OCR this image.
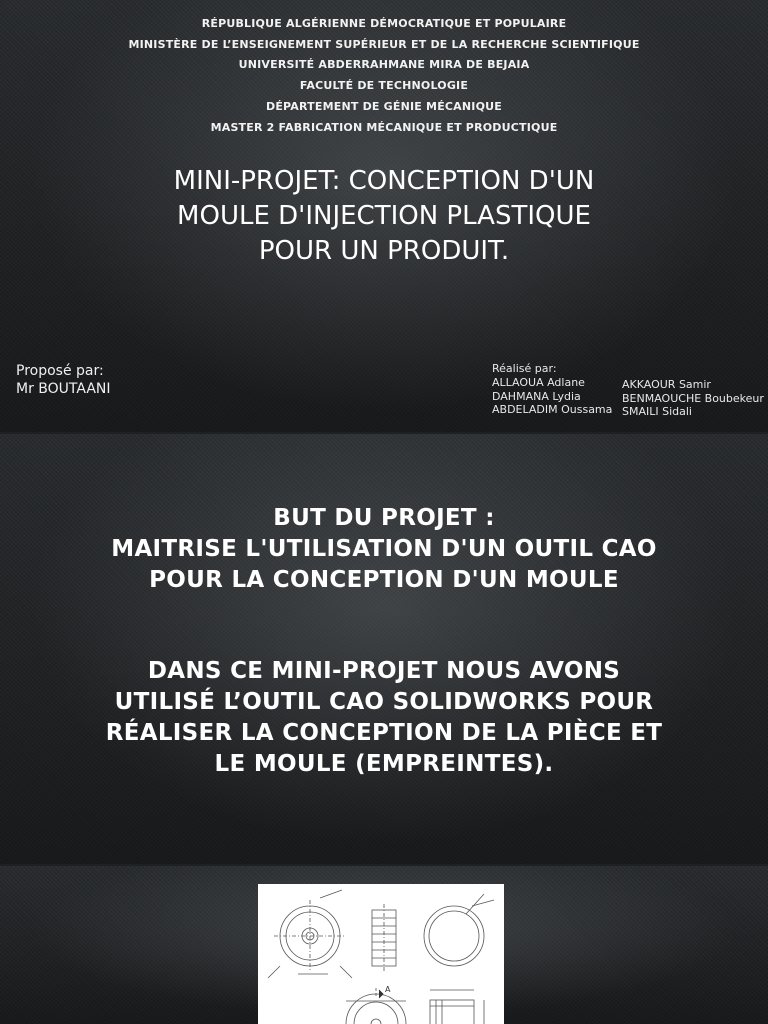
RÉPUBLIQUE ALGÉRIENNE DÉMOCRATIQUE ET POPULAIRE
MINISTÈRE DE L’ENSEIGNEMENT SUPÉRIEUR ET DE LA RECHERCHE SCIENTIFIQUE
UNIVERSITÉ ABDERRAHMANE MIRA DE BEJAIA
FACULTÉ DE TECHNOLOGIE
DÉPARTEMENT DE GÉNIE MÉCANIQUE
MASTER 2 FABRICATION MÉCANIQUE ET PRODUCTIQUE
MINI-PROJET: CONCEPTION D'UN
MOULE D'INJECTION PLASTIQUE
POUR UN PRODUIT.
Proposé par:
Mr BOUTAANI
Réalisé par:
ALLAOUA Adlane
DAHMANA Lydia
ABDELADIM Oussama
AKKAOUR Samir
BENMAOUCHE Boubekeur
SMAILI Sidali
BUT DU PROJET :
MAITRISE L'UTILISATION D'UN OUTIL CAO
POUR LA CONCEPTION D'UN MOULE
DANS CE MINI-PROJET NOUS AVONS
UTILISÉ L’OUTIL CAO SOLIDWORKS POUR
RÉALISER LA CONCEPTION DE LA PIÈCE ET
LE MOULE (EMPREINTES).
A
